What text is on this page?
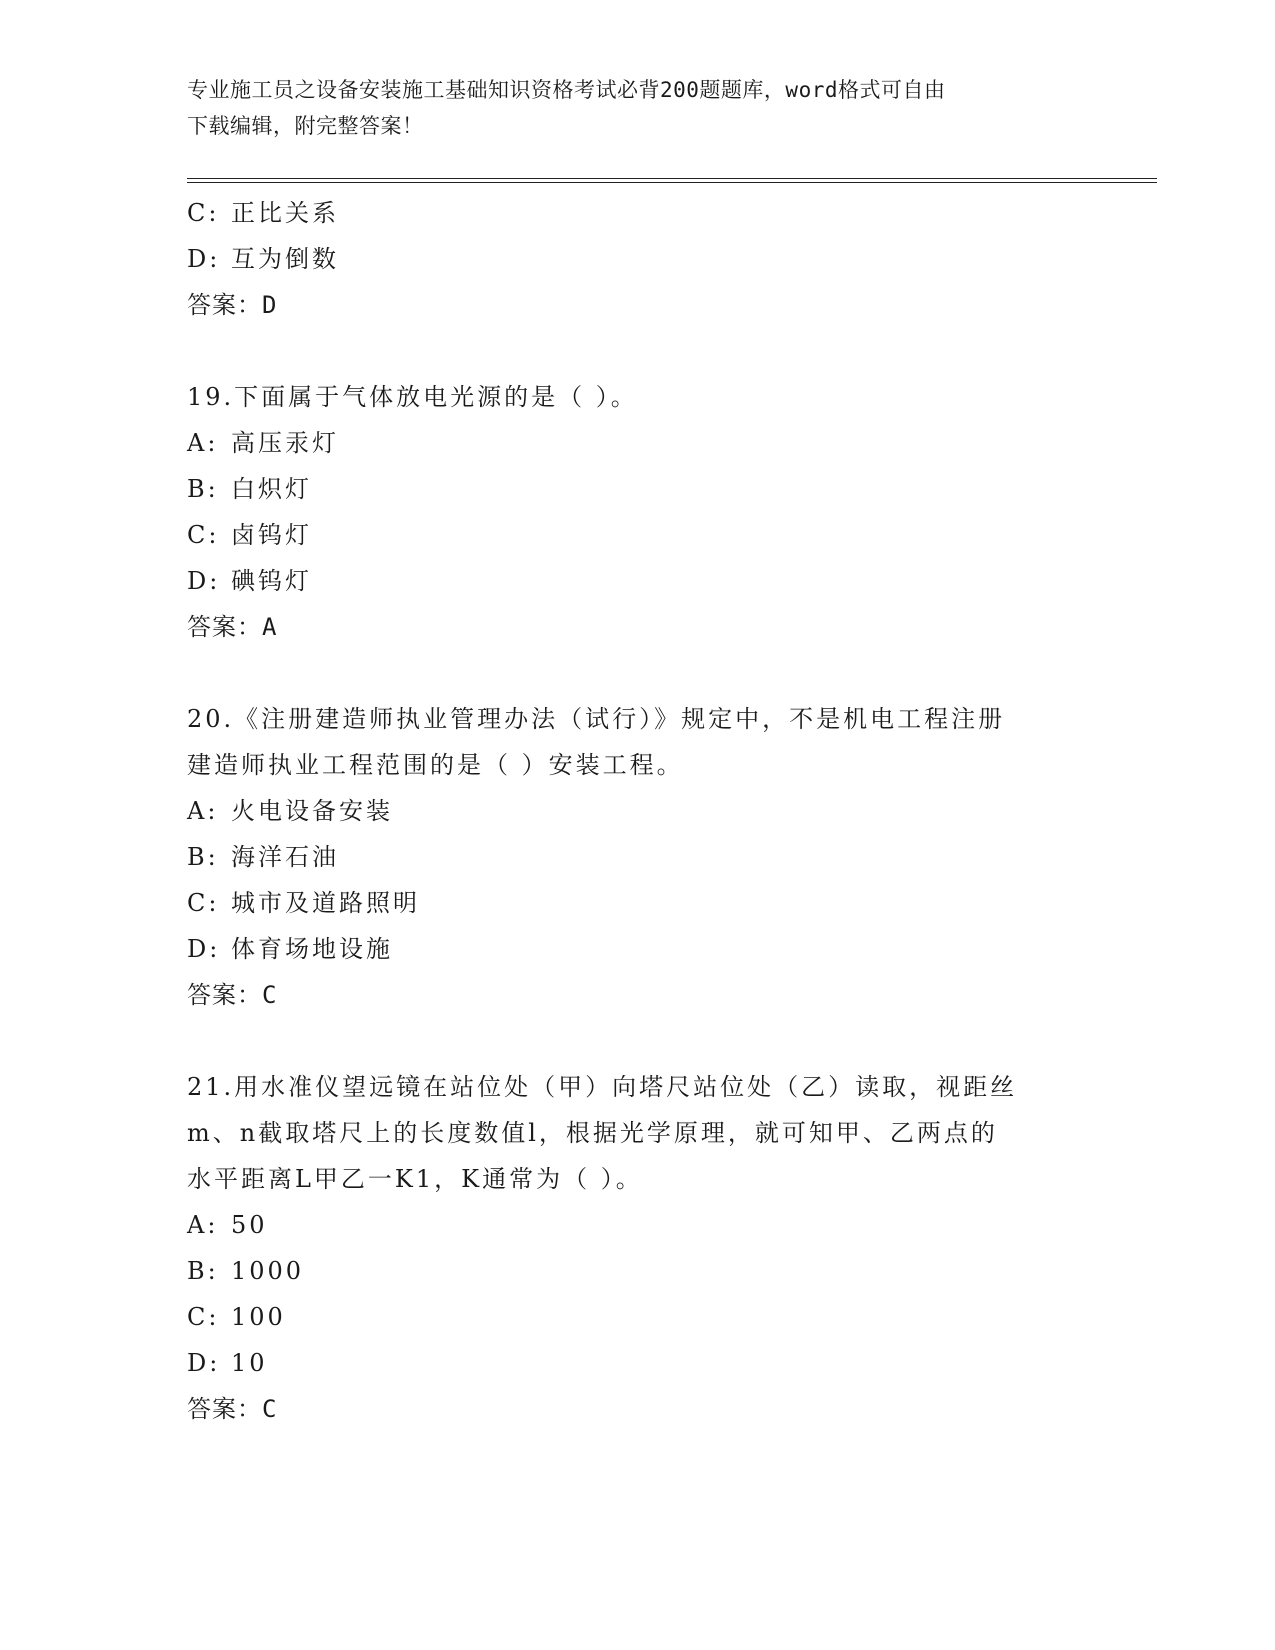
专业施工员之设备安装施工基础知识资格考试必背200题题库，word格式可自由
下载编辑，附完整答案！
C: 正比关系
D: 互为倒数
答案：D
19.下面属于气体放电光源的是（ ）。
A: 高压汞灯
B: 白炽灯
C: 卤钨灯
D: 碘钨灯
答案：A
20.《注册建造师执业管理办法（试行）》规定中，不是机电工程注册
建造师执业工程范围的是（ ）安装工程。
A: 火电设备安装
B: 海洋石油
C: 城市及道路照明
D: 体育场地设施
答案：C
21.用水准仪望远镜在站位处（甲）向塔尺站位处（乙）读取，视距丝
m、n截取塔尺上的长度数值l，根据光学原理，就可知甲、乙两点的
水平距离L甲乙一K1，K通常为（ ）。
A: 50
B: 1000
C: 100
D: 10
答案：C
